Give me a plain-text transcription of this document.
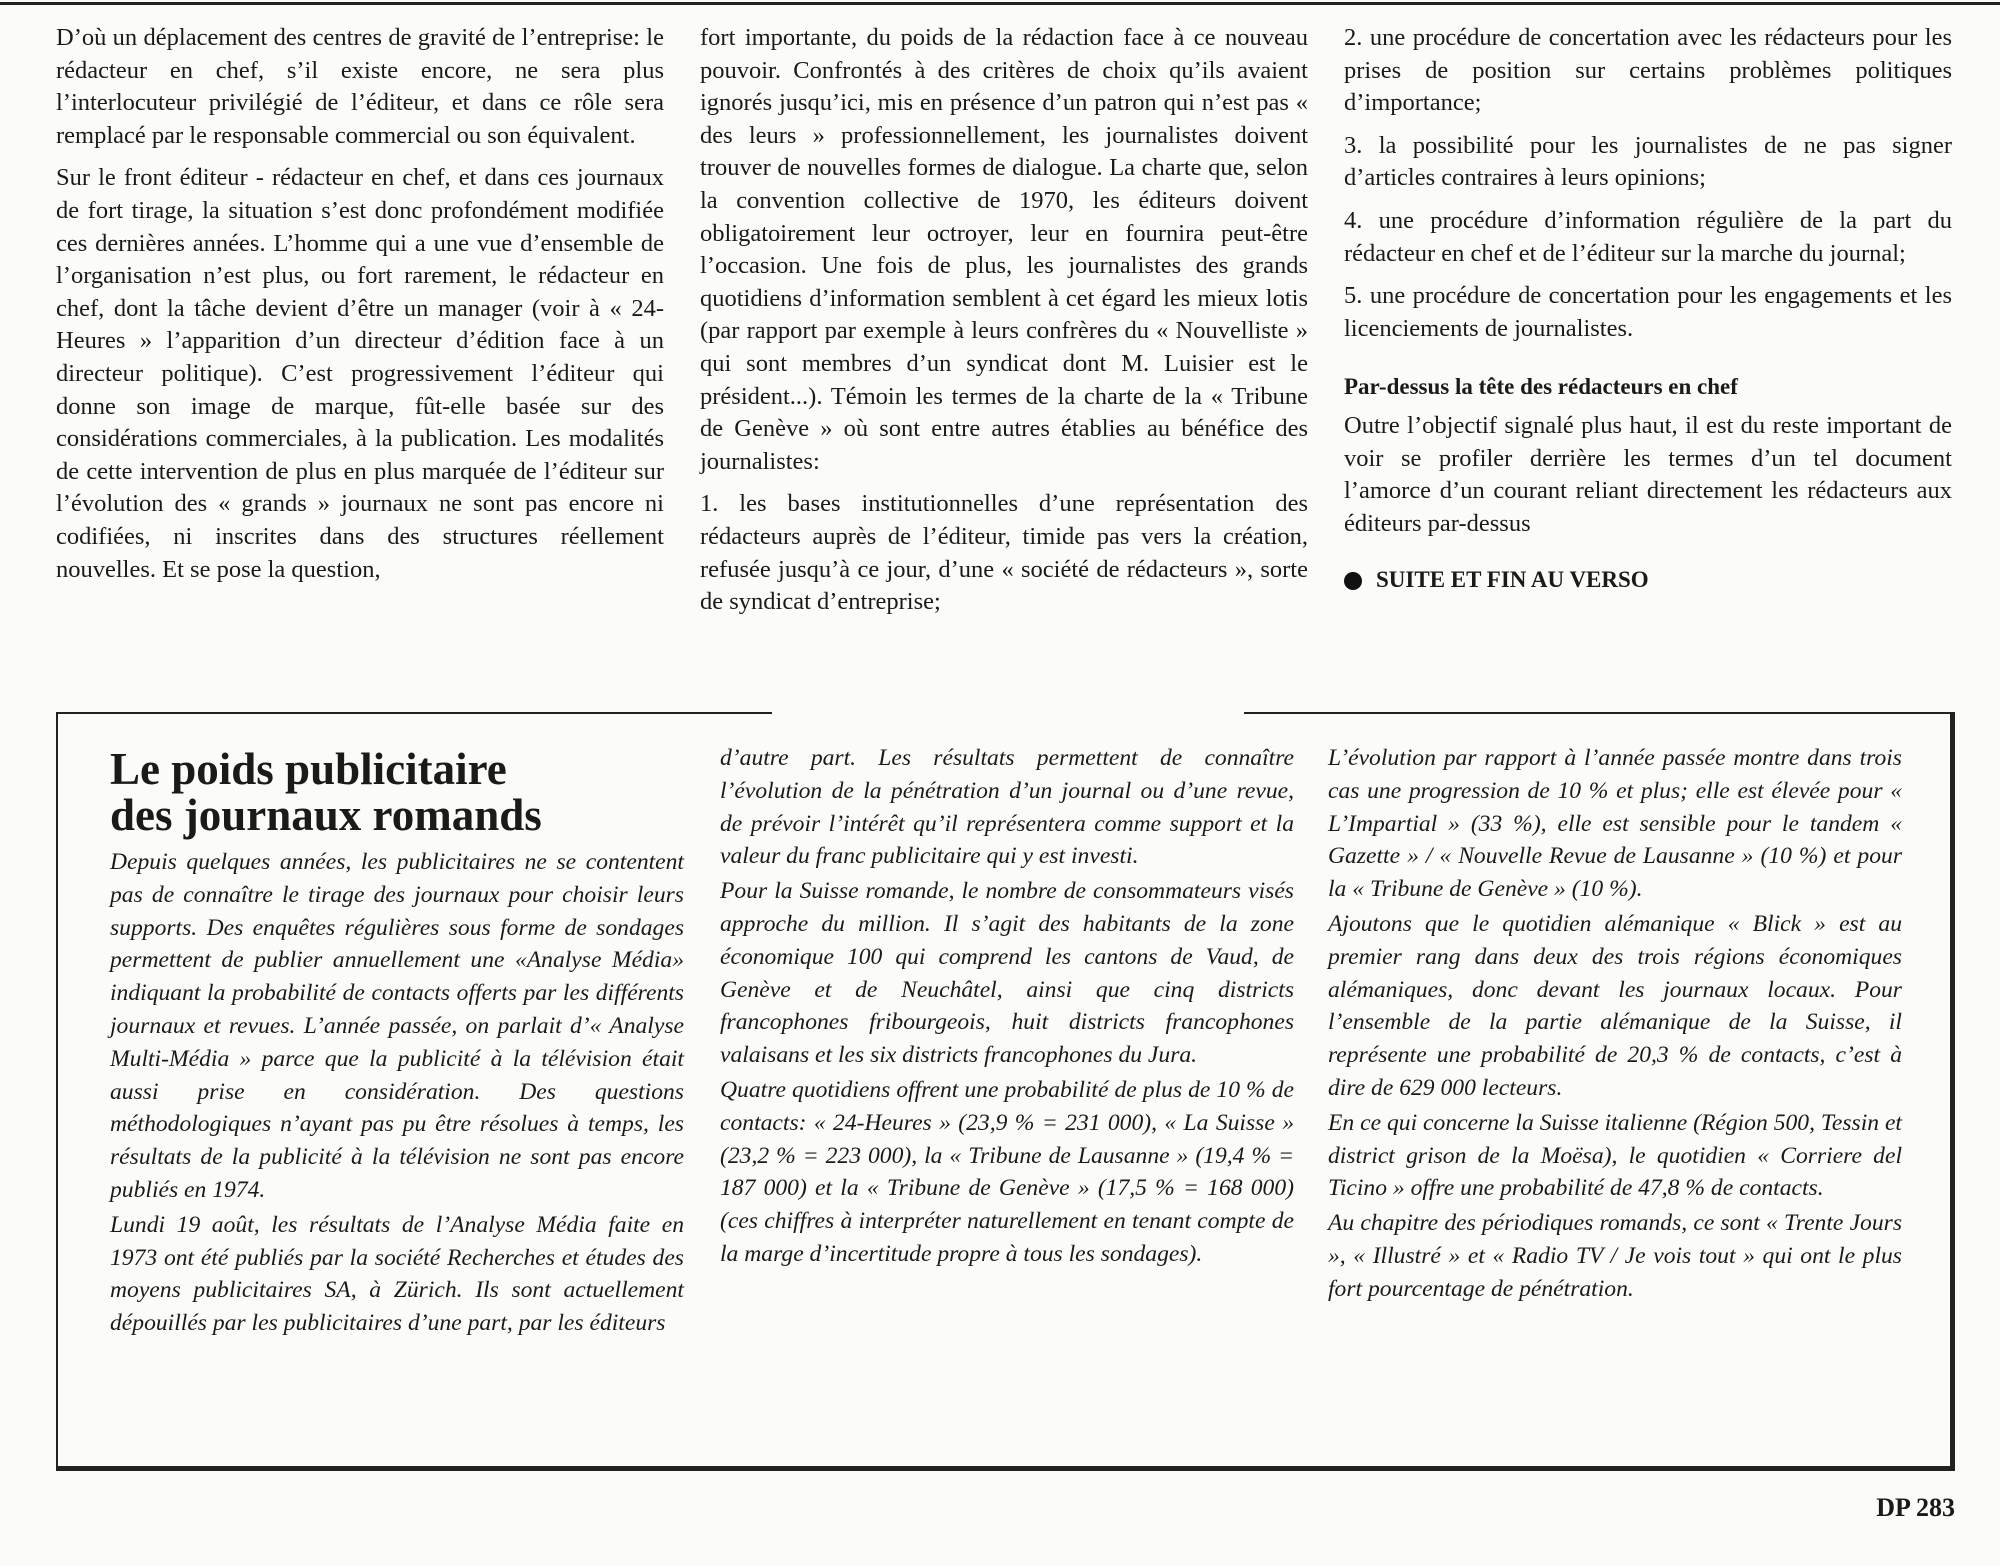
D’où un déplacement des centres de gravité de l’entreprise: le rédacteur en chef, s’il existe encore, ne sera plus l’interlocuteur privilégié de l’éditeur, et dans ce rôle sera remplacé par le responsable commercial ou son équivalent.

Sur le front éditeur - rédacteur en chef, et dans ces journaux de fort tirage, la situation s’est donc profondément modifiée ces dernières années. L’homme qui a une vue d’ensemble de l’organisation n’est plus, ou fort rarement, le rédacteur en chef, dont la tâche devient d’être un manager (voir à « 24-Heures » l’apparition d’un directeur d’édition face à un directeur politique). C’est progressivement l’éditeur qui donne son image de marque, fût-elle basée sur des considérations commerciales, à la publication. Les modalités de cette intervention de plus en plus marquée de l’éditeur sur l’évolution des « grands » journaux ne sont pas encore ni codifiées, ni inscrites dans des structures réellement nouvelles. Et se pose la question,

fort importante, du poids de la rédaction face à ce nouveau pouvoir. Confrontés à des critères de choix qu’ils avaient ignorés jusqu’ici, mis en présence d’un patron qui n’est pas « des leurs » professionnellement, les journalistes doivent trouver de nouvelles formes de dialogue. La charte que, selon la convention collective de 1970, les éditeurs doivent obligatoirement leur octroyer, leur en fournira peut-être l’occasion. Une fois de plus, les journalistes des grands quotidiens d’information semblent à cet égard les mieux lotis (par rapport par exemple à leurs confrères du « Nouvelliste » qui sont membres d’un syndicat dont M. Luisier est le président...). Témoin les termes de la charte de la « Tribune de Genève » où sont entre autres établies au bénéfice des journalistes:

1. les bases institutionnelles d’une représentation des rédacteurs auprès de l’éditeur, timide pas vers la création, refusée jusqu’à ce jour, d’une « société de rédacteurs », sorte de syndicat d’entreprise;

2. une procédure de concertation avec les rédacteurs pour les prises de position sur certains problèmes politiques d’importance;

3. la possibilité pour les journalistes de ne pas signer d’articles contraires à leurs opinions;

4. une procédure d’information régulière de la part du rédacteur en chef et de l’éditeur sur la marche du journal;

5. une procédure de concertation pour les engagements et les licenciements de journalistes.

Par-dessus la tête des rédacteurs en chef

Outre l’objectif signalé plus haut, il est du reste important de voir se profiler derrière les termes d’un tel document l’amorce d’un courant reliant directement les rédacteurs aux éditeurs par-dessus

SUITE ET FIN AU VERSO

Le poids publicitaire
des journaux romands

Depuis quelques années, les publicitaires ne se contentent pas de connaître le tirage des journaux pour choisir leurs supports. Des enquêtes régulières sous forme de sondages permettent de publier annuellement une «Analyse Média» indiquant la probabilité de contacts offerts par les différents journaux et revues. L’année passée, on parlait d’« Analyse Multi-Média » parce que la publicité à la télévision était aussi prise en considération. Des questions méthodologiques n’ayant pas pu être résolues à temps, les résultats de la publicité à la télévision ne sont pas encore publiés en 1974.

Lundi 19 août, les résultats de l’Analyse Média faite en 1973 ont été publiés par la société Recherches et études des moyens publicitaires SA, à Zürich. Ils sont actuellement dépouillés par les publicitaires d’une part, par les éditeurs

d’autre part. Les résultats permettent de connaître l’évolution de la pénétration d’un journal ou d’une revue, de prévoir l’intérêt qu’il représentera comme support et la valeur du franc publicitaire qui y est investi.

Pour la Suisse romande, le nombre de consommateurs visés approche du million. Il s’agit des habitants de la zone économique 100 qui comprend les cantons de Vaud, de Genève et de Neuchâtel, ainsi que cinq districts francophones fribourgeois, huit districts francophones valaisans et les six districts francophones du Jura.

Quatre quotidiens offrent une probabilité de plus de 10 % de contacts: « 24-Heures » (23,9 % = 231 000), « La Suisse » (23,2 % = 223 000), la « Tribune de Lausanne » (19,4 % = 187 000) et la « Tribune de Genève » (17,5 % = 168 000) (ces chiffres à interpréter naturellement en tenant compte de la marge d’incertitude propre à tous les sondages).

L’évolution par rapport à l’année passée montre dans trois cas une progression de 10 % et plus; elle est élevée pour « L’Impartial » (33 %), elle est sensible pour le tandem « Gazette » / « Nouvelle Revue de Lausanne » (10 %) et pour la « Tribune de Genève » (10 %).

Ajoutons que le quotidien alémanique « Blick » est au premier rang dans deux des trois régions économiques alémaniques, donc devant les journaux locaux. Pour l’ensemble de la partie alémanique de la Suisse, il représente une probabilité de 20,3 % de contacts, c’est à dire de 629 000 lecteurs.

En ce qui concerne la Suisse italienne (Région 500, Tessin et district grison de la Moësa), le quotidien « Corriere del Ticino » offre une probabilité de 47,8 % de contacts.

Au chapitre des périodiques romands, ce sont « Trente Jours », « Illustré » et « Radio TV / Je vois tout » qui ont le plus fort pourcentage de pénétration.

DP 283
